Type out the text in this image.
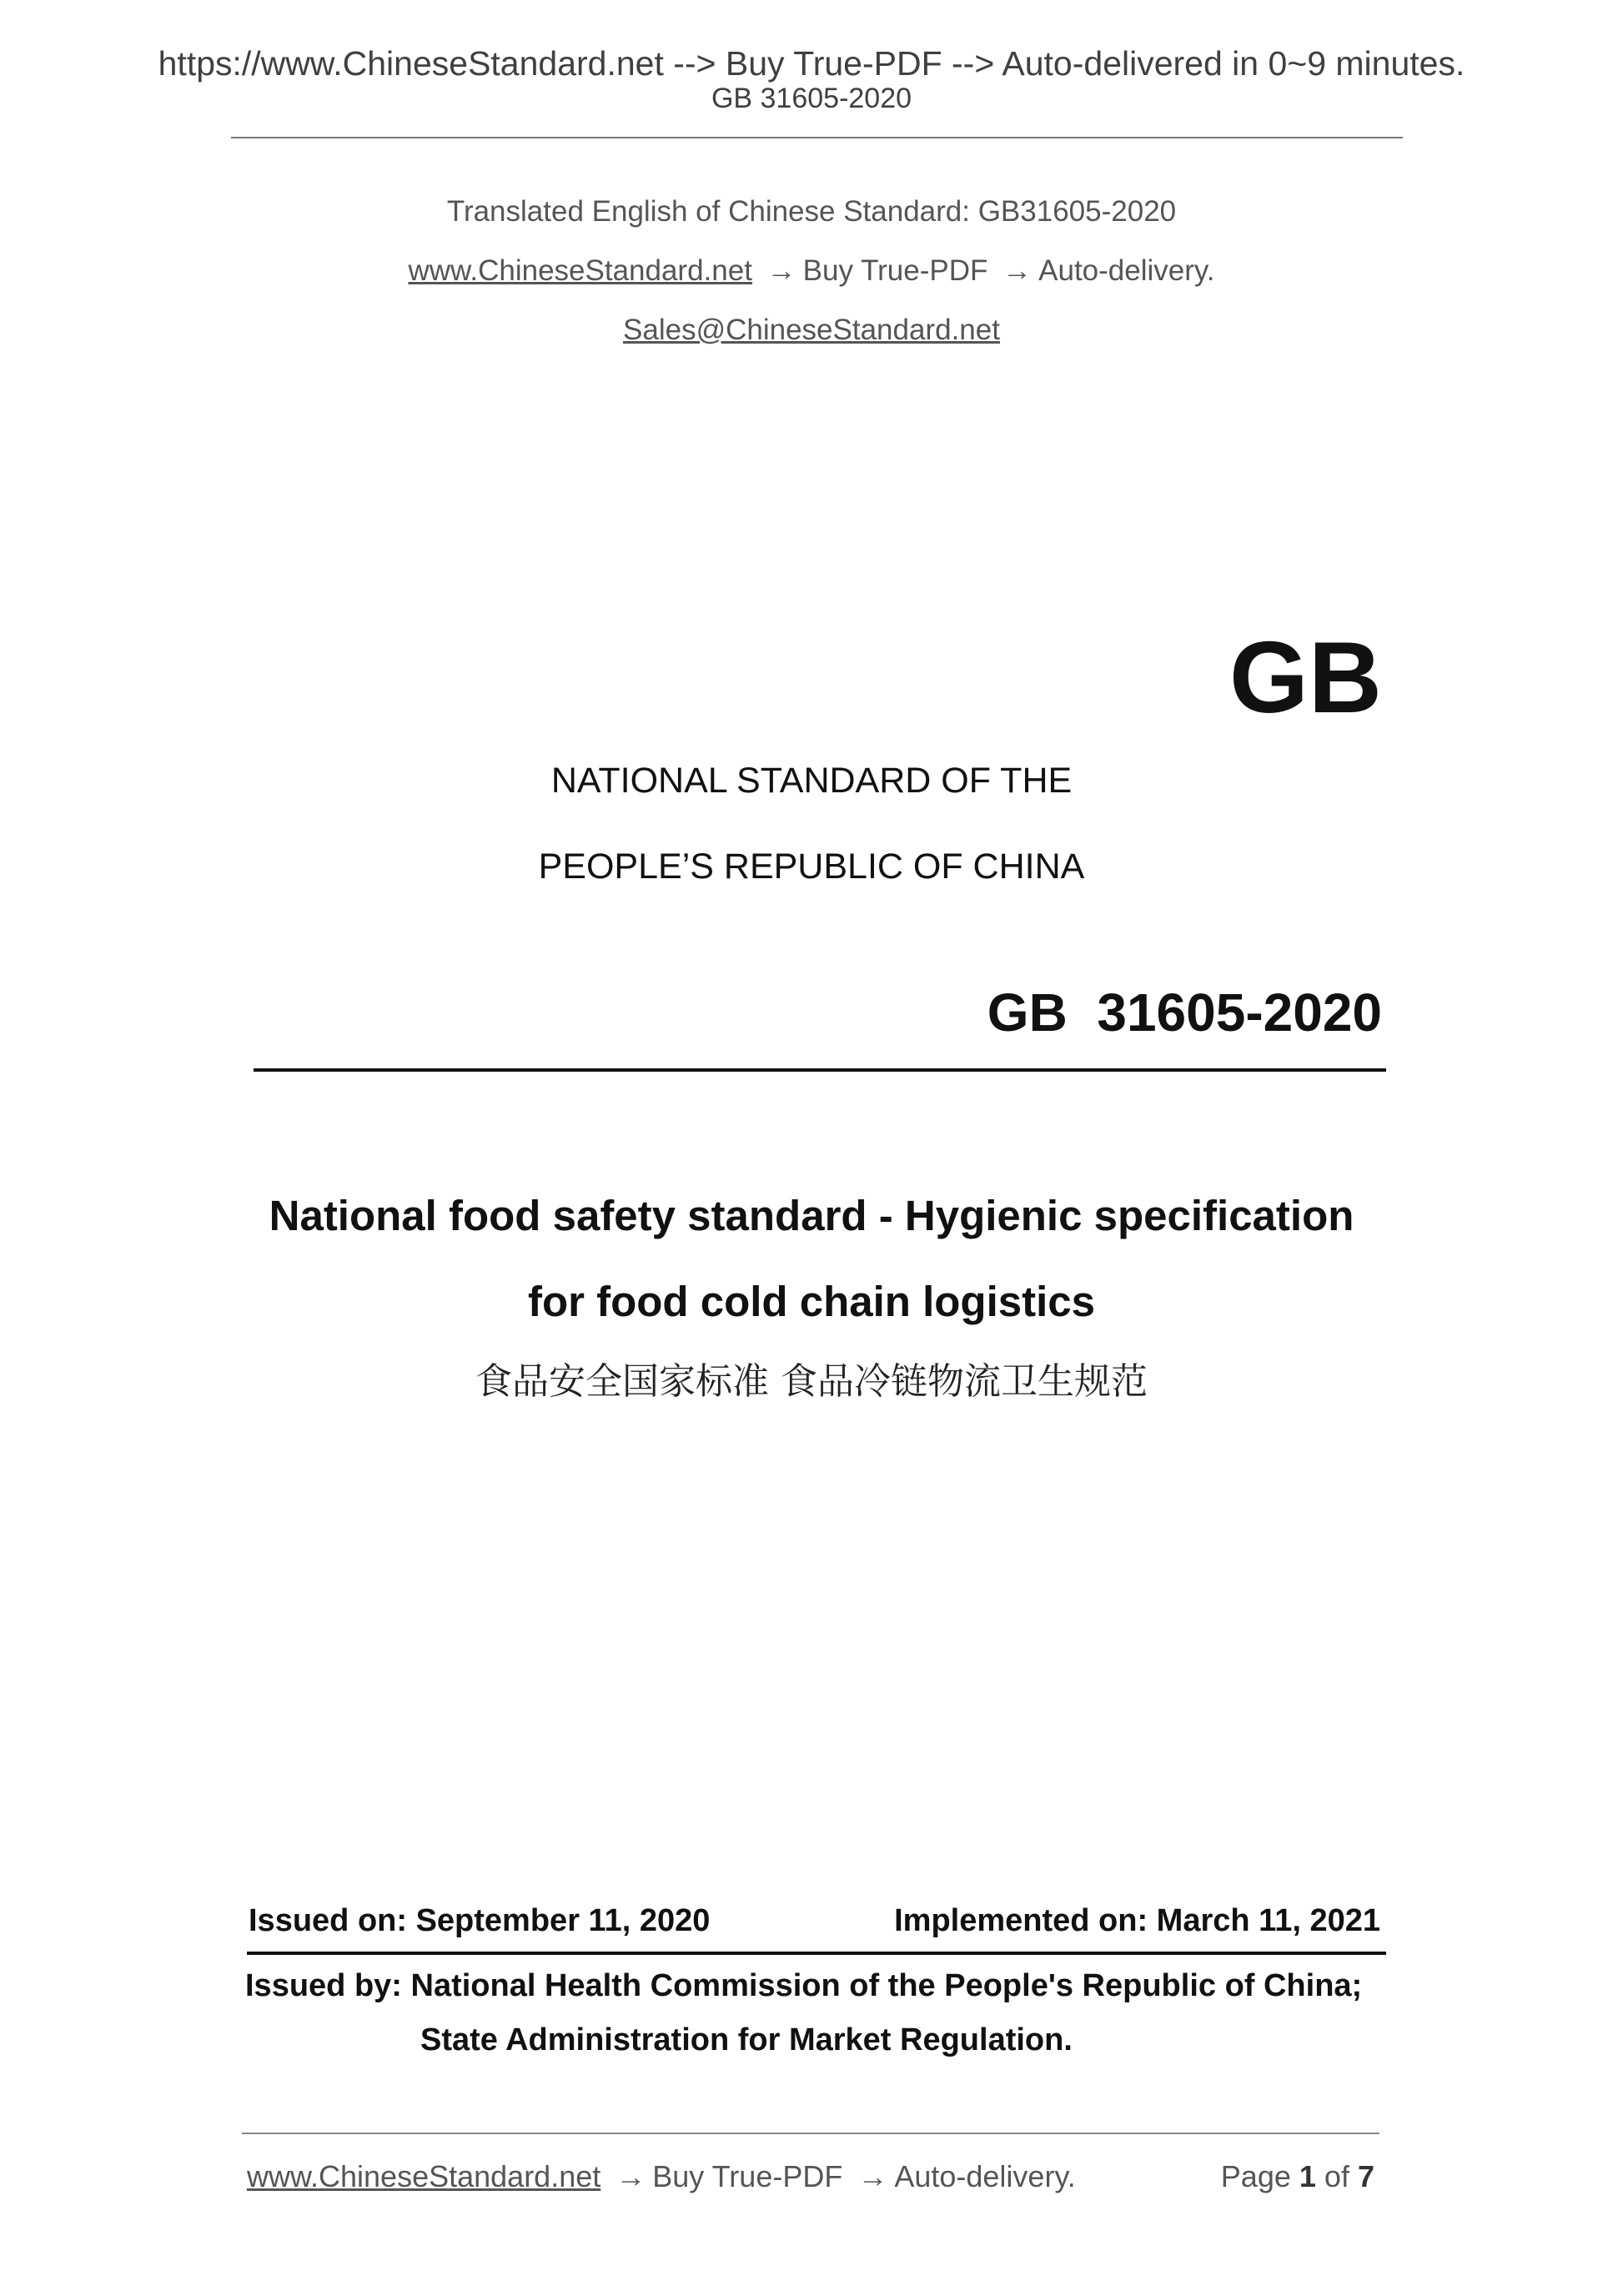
https://www.ChineseStandard.net --> Buy True-PDF --> Auto-delivered in 0~9 minutes.
GB 31605-2020
Translated English of Chinese Standard: GB31605-2020
www.ChineseStandard.net → Buy True-PDF → Auto-delivery.
Sales@ChineseStandard.net
GB
NATIONAL STANDARD OF THE
PEOPLE’S REPUBLIC OF CHINA
GB  31605-2020
National food safety standard - Hygienic specification
for food cold chain logistics
食品安全国家标准 食品冷链物流卫生规范
Issued on: September 11, 2020	Implemented on: March 11, 2021
Issued by: National Health Commission of the People's Republic of China;
State Administration for Market Regulation.
www.ChineseStandard.net → Buy True-PDF → Auto-delivery.	Page 1 of 7
